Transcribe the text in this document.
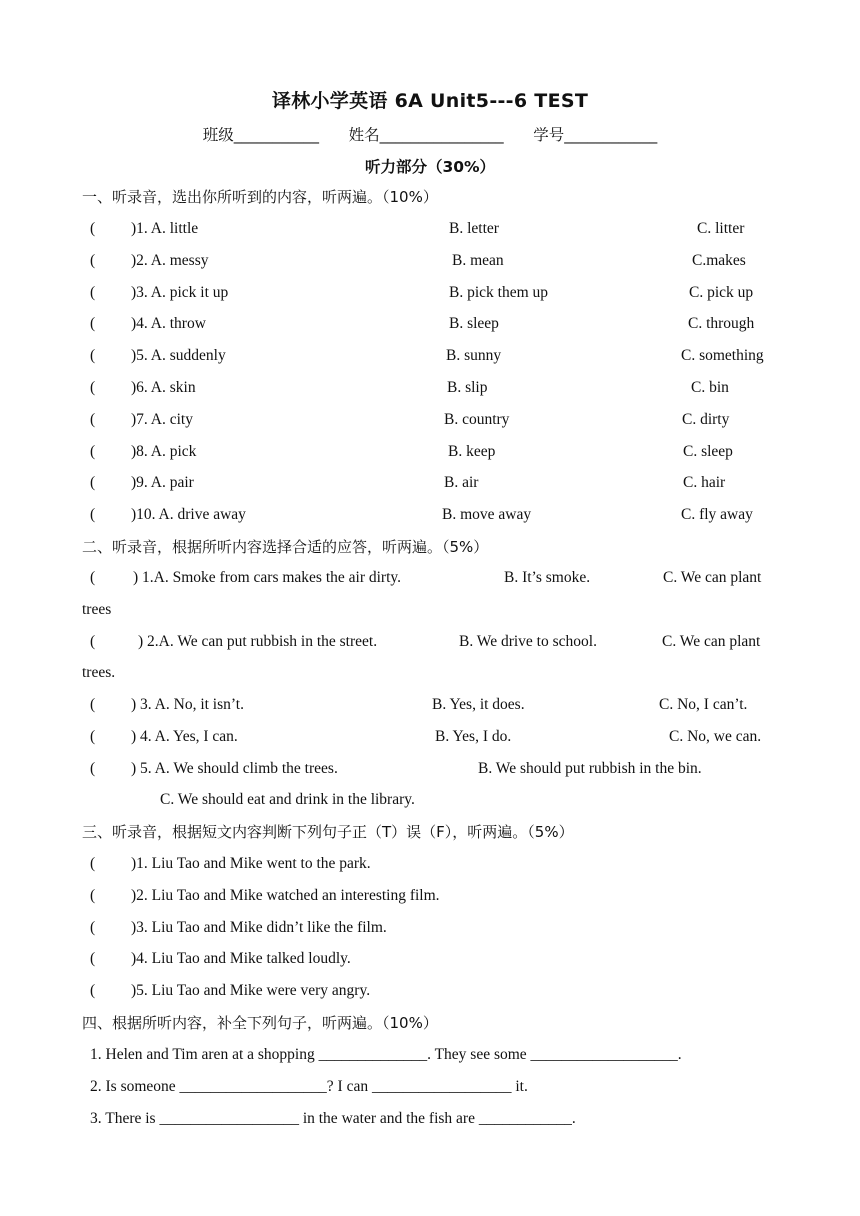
译林小学英语 6A Unit5---6 TEST
班级___________ 姓名________________ 学号____________
听力部分（30%）
一、听录音，选出你所听到的内容，听两遍。（10%）
( )1. A. little	B. letter	C. litter
( )2. A. messy	B. mean	C.makes
( )3. A. pick it up	B. pick them up	C. pick up
( )4. A. throw	B. sleep	C. through
( )5. A. suddenly	B. sunny	C. something
( )6. A. skin	B. slip	C. bin
( )7. A. city	B. country	C. dirty
( )8. A. pick	B. keep	C. sleep
( )9. A. pair	B. air	C. hair
( )10. A. drive away	B. move away	C. fly away
二、听录音，根据所听内容选择合适的应答，听两遍。（5%）
( ) 1.A. Smoke from cars makes the air dirty.	B. It’s smoke.	C. We can plant
trees
(	) 2.A. We can put rubbish in the street.	B. We drive to school.	C. We can plant
trees.
( ) 3. A. No, it isn’t.	B. Yes, it does.	C. No, I can’t.
( ) 4. A. Yes, I can.	B. Yes, I do.	C. No, we can.
( ) 5. A. We should climb the trees.	B. We should put rubbish in the bin.
C. We should eat and drink in the library.
三、听录音，根据短文内容判断下列句子正（T）误（F），听两遍。（5%）
( )1. Liu Tao and Mike went to the park.
( )2. Liu Tao and Mike watched an interesting film.
( )3. Liu Tao and Mike didn’t like the film.
( )4. Liu Tao and Mike talked loudly.
( )5. Liu Tao and Mike were very angry.
四、根据所听内容，补全下列句子，听两遍。（10%）
1. Helen and Tim aren at a shopping ______________. They see some ___________________.
2. Is someone ___________________? I can __________________ it.
3. There is __________________ in the water and the fish are ____________.
